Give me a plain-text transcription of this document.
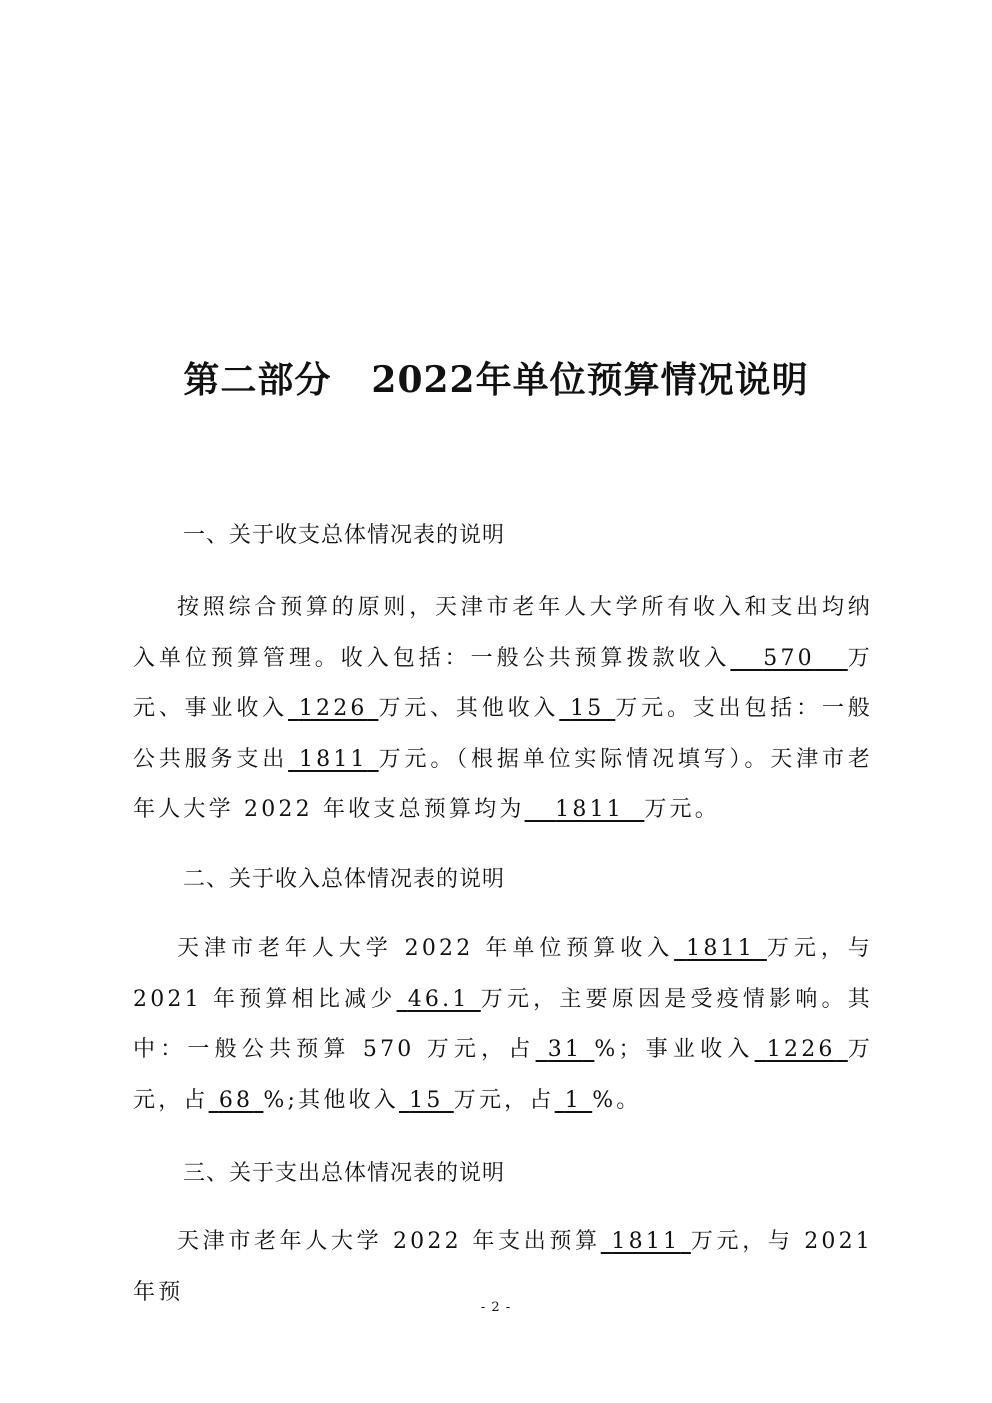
第二部分 2022年单位预算情况说明
一、关于收支总体情况表的说明

按照综合预算的原则，天津市老年人大学所有收入和支出均纳入单位预算管理。收入包括：一般公共预算拨款收入 570 万元、事业收入 1226 万元、其他收入 15 万元。支出包括：一般公共服务支出 1811 万元。（根据单位实际情况填写）。天津市老年人大学 2022 年收支总预算均为 1811 万元。

二、关于收入总体情况表的说明

天津市老年人大学 2022 年单位预算收入 1811 万元，与 2021 年预算相比减少 46.1 万元，主要原因是受疫情影响。其中：一般公共预算 570 万元，占 31 %；事业收入 1226 万元，占 68 %;其他收入 15 万元，占 1 %。

三、关于支出总体情况表的说明

天津市老年人大学 2022 年支出预算 1811 万元，与 2021 年预

- 2 -
